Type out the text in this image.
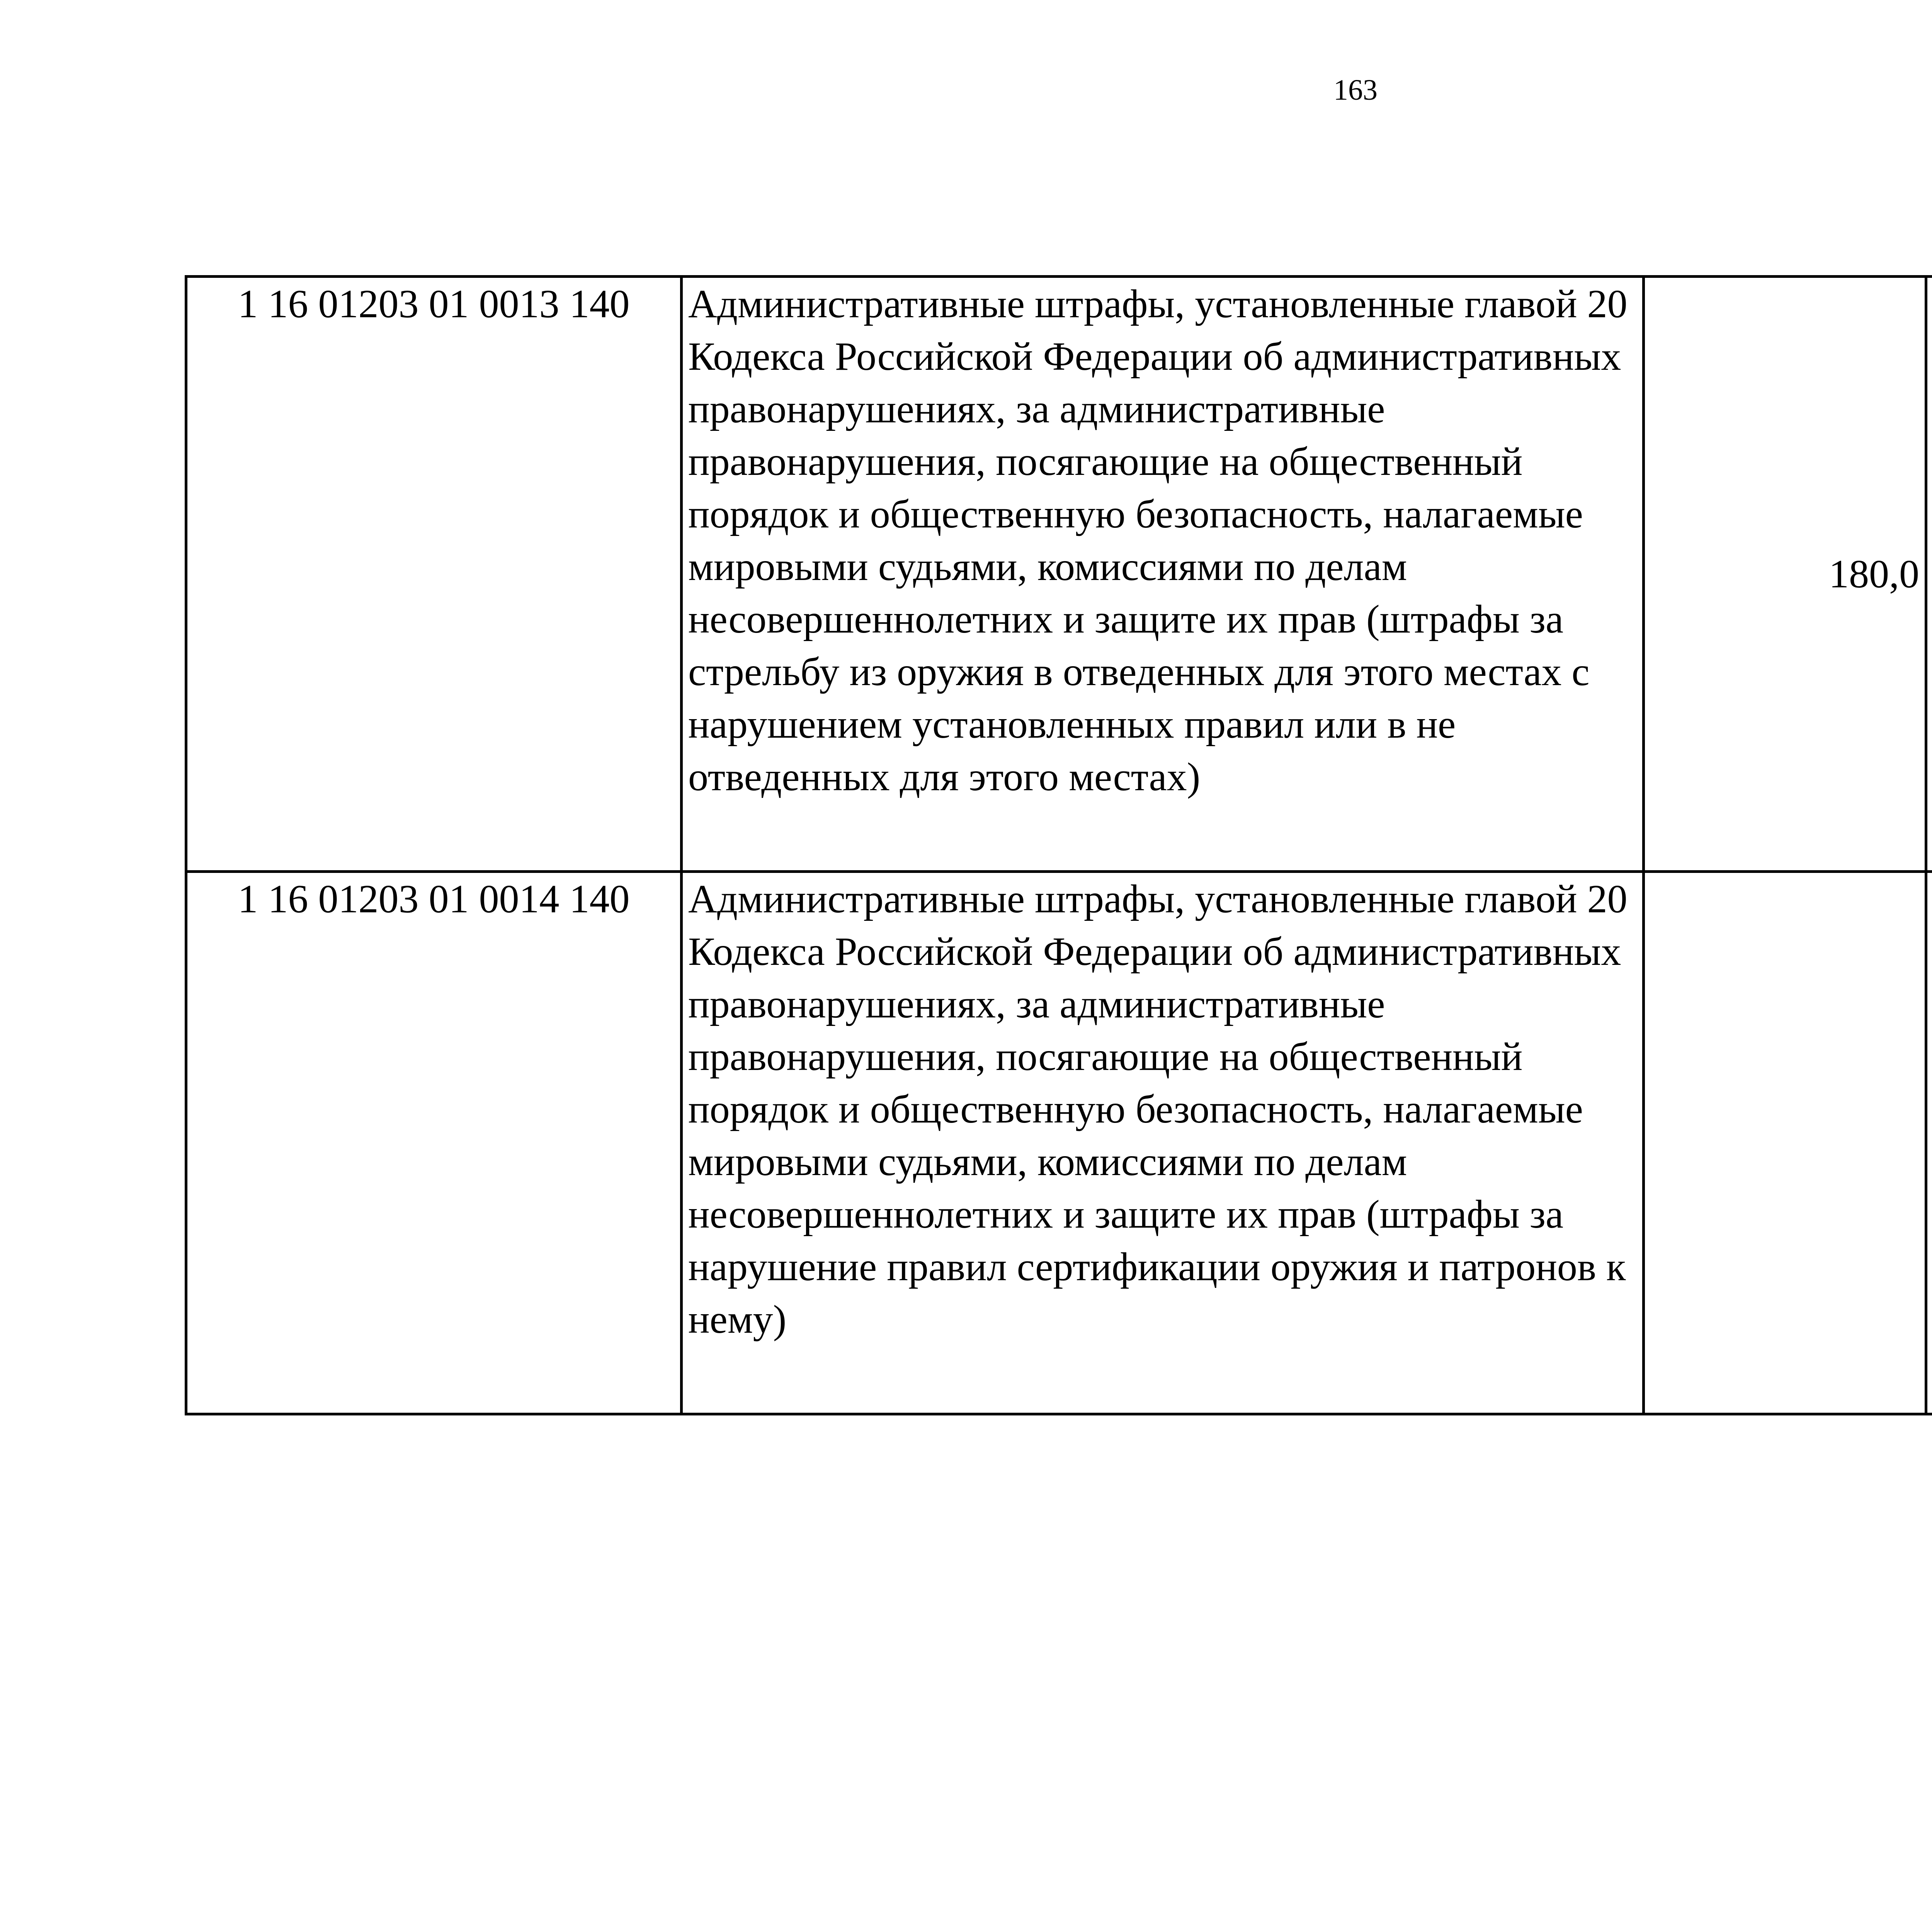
163
1 16 01203 01 0013 140	Административные штрафы, установленные главой 20 Кодекса Российской Федерации об административных правонарушениях, за административные правонарушения, посягающие на общественный порядок и общественную безопасность, налагаемые мировыми судьями, комиссиями по делам несовершеннолетних и защите их прав (штрафы за стрельбу из оружия в отведенных для этого местах с нарушением установленных правил или в не отведенных для этого местах)	180,0		
1 16 01203 01 0014 140	Административные штрафы, установленные главой 20 Кодекса Российской Федерации об административных правонарушениях, за административные правонарушения, посягающие на общественный порядок и общественную безопасность, налагаемые мировыми судьями, комиссиями по делам несовершеннолетних и защите их прав (штрафы за нарушение правил сертификации оружия и патронов к нему)			
